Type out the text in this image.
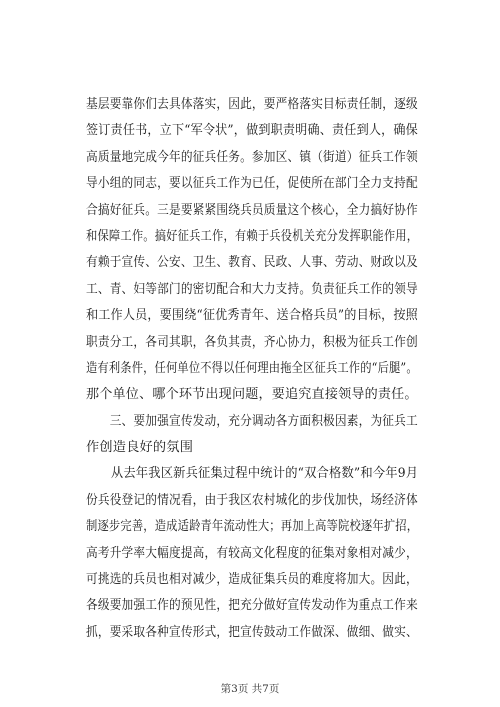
基层要靠你们去具体落实，因此，要严格落实目标责任制，逐级
签订责任书，立下“军令状”，做到职责明确、责任到人，确保
高质量地完成今年的征兵任务。参加区、镇（街道）征兵工作领
导小组的同志，要以征兵工作为已任，促使所在部门全力支持配
合搞好征兵。三是要紧紧围绕兵员质量这个核心，全力搞好协作
和保障工作。搞好征兵工作，有赖于兵役机关充分发挥职能作用，
有赖于宣传、公安、卫生、教育、民政、人事、劳动、财政以及
工、青、妇等部门的密切配合和大力支持。负责征兵工作的领导
和工作人员，要围绕“征优秀青年、送合格兵员”的目标，按照
职责分工，各司其职，各负其责，齐心协力，积极为征兵工作创
造有利条件，任何单位不得以任何理由拖全区征兵工作的“后腿”。
那个单位、哪个环节出现问题，要追究直接领导的责任。
　　三、要加强宣传发动，充分调动各方面积极因素，为征兵工
作创造良好的氛围
　　从去年我区新兵征集过程中统计的“双合格数”和今年9月
份兵役登记的情况看，由于我区农村城化的步伐加快，场经济体
制逐步完善，造成适龄青年流动性大；再加上高等院校逐年扩招，
高考升学率大幅度提高，有较高文化程度的征集对象相对减少，
可挑选的兵员也相对减少，造成征集兵员的难度将加大。因此，
各级要加强工作的预见性，把充分做好宣传发动作为重点工作来
抓，要采取各种宣传形式，把宣传鼓动工作做深、做细、做实、
第3页 共7页
